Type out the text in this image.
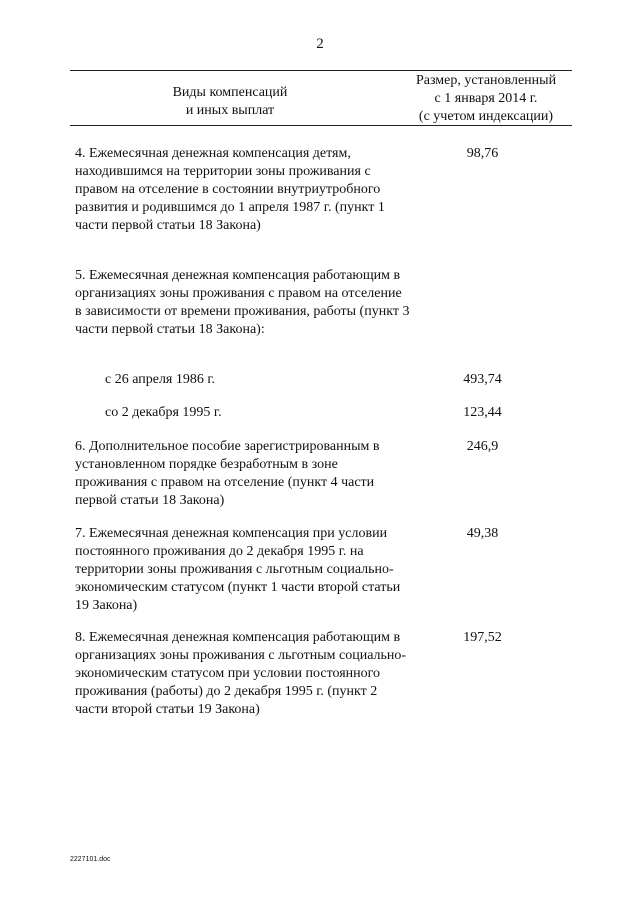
2
Виды компенсаций
и иных выплат
Размер, установленный
с 1 января 2014 г.
(с учетом индексации)
4. Ежемесячная денежная компенсация детям, находившимся на территории зоны проживания с правом на отселение в состоянии внутриутробного развития и родившимся до 1 апреля 1987 г. (пункт 1 части первой статьи 18 Закона)
98,76
5. Ежемесячная денежная компенсация работающим в организациях зоны проживания с правом на отселение в зависимости от времени проживания, работы (пункт 3 части первой статьи 18 Закона):
с 26 апреля 1986 г.	493,74
со 2 декабря 1995 г.	123,44
6. Дополнительное пособие зарегистрированным в установленном порядке безработным в зоне проживания с правом на отселение (пункт 4 части первой статьи 18 Закона)
246,9
7. Ежемесячная денежная компенсация при условии постоянного проживания до 2 декабря 1995 г. на территории зоны проживания с льготным социально-экономическим статусом (пункт 1 части второй статьи 19 Закона)
49,38
8. Ежемесячная денежная компенсация работающим в организациях зоны проживания с льготным социально-экономическим статусом при условии постоянного проживания (работы) до 2 декабря 1995 г. (пункт 2 части второй статьи 19 Закона)
197,52
2227101.doc
